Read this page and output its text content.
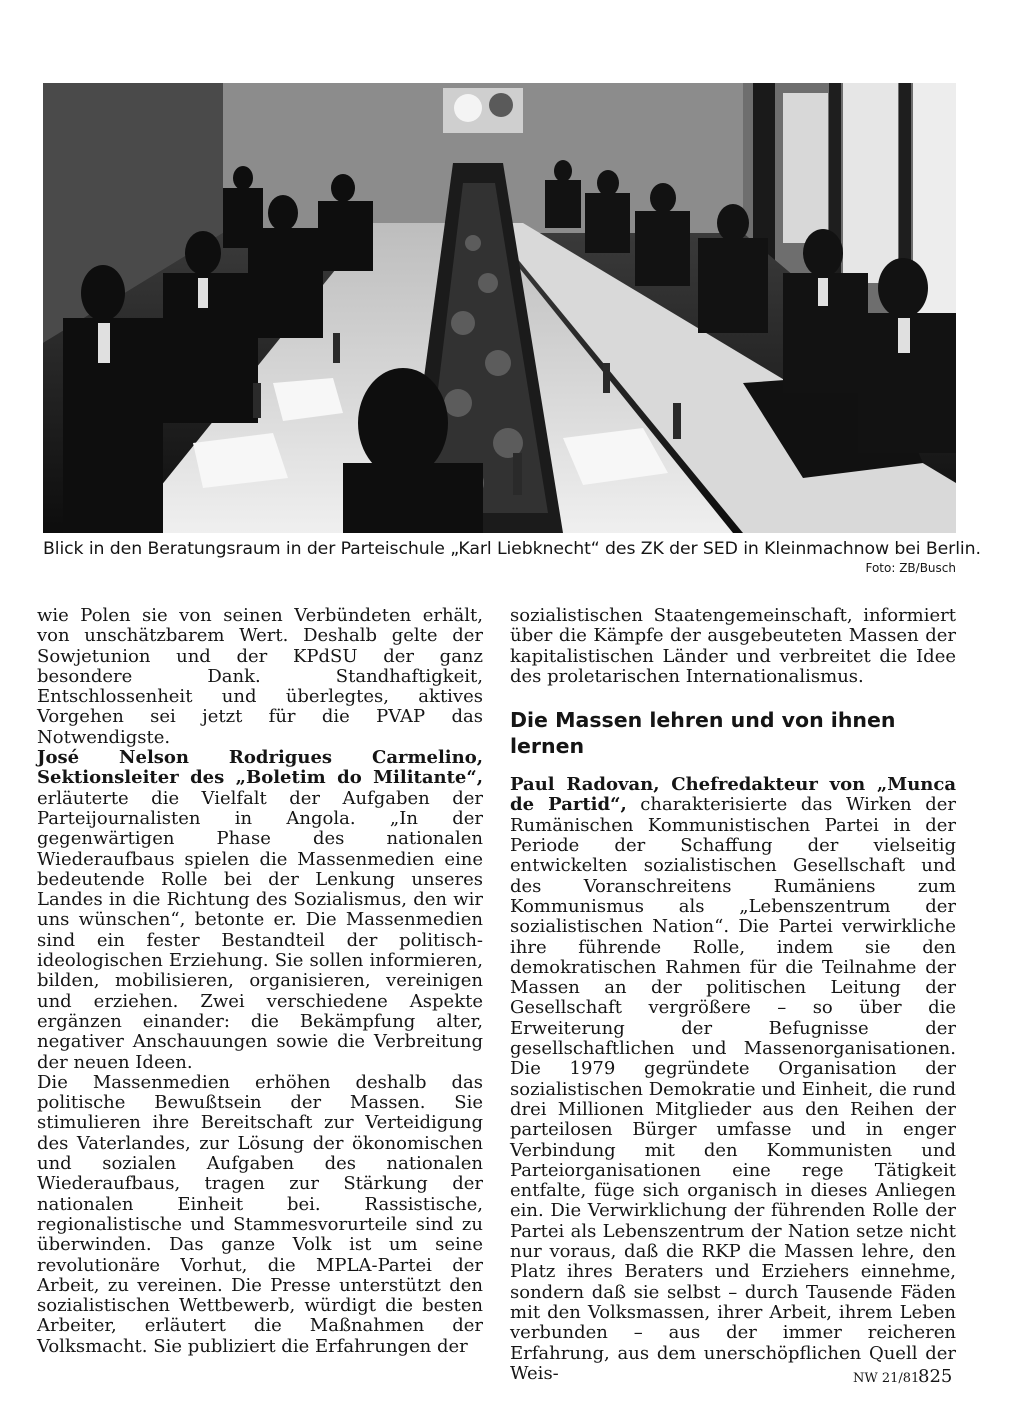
Blick in den Beratungsraum in der Parteischule „Karl Liebknecht“ des ZK der SED in Kleinmachnow bei Berlin.
Foto: ZB/Busch

wie Polen sie von seinen Verbündeten erhält, von unschätzbarem Wert. Deshalb gelte der Sowjetunion und der KPdSU der ganz besondere Dank. Standhaftigkeit, Entschlossenheit und überlegtes, aktives Vorgehen sei jetzt für die PVAP das Notwendigste.

José Nelson Rodrigues Carmelino, Sektionsleiter des „Boletim do Militante“, erläuterte die Vielfalt der Aufgaben der Parteijournalisten in Angola. „In der gegenwärtigen Phase des nationalen Wiederaufbaus spielen die Massenmedien eine bedeutende Rolle bei der Lenkung unseres Landes in die Richtung des Sozialismus, den wir uns wünschen“, betonte er. Die Massenmedien sind ein fester Bestandteil der politisch-ideologischen Erziehung. Sie sollen informieren, bilden, mobilisieren, organisieren, vereinigen und erziehen. Zwei verschiedene Aspekte ergänzen einander: die Bekämpfung alter, negativer Anschauungen sowie die Verbreitung der neuen Ideen.

Die Massenmedien erhöhen deshalb das politische Bewußtsein der Massen. Sie stimulieren ihre Bereitschaft zur Verteidigung des Vaterlandes, zur Lösung der ökonomischen und sozialen Aufgaben des nationalen Wiederaufbaus, tragen zur Stärkung der nationalen Einheit bei. Rassistische, regionalistische und Stammesvorurteile sind zu überwinden. Das ganze Volk ist um seine revolutionäre Vorhut, die MPLA-Partei der Arbeit, zu vereinen. Die Presse unterstützt den sozialistischen Wettbewerb, würdigt die besten Arbeiter, erläutert die Maßnahmen der Volksmacht. Sie publiziert die Erfahrungen der

sozialistischen Staatengemeinschaft, informiert über die Kämpfe der ausgebeuteten Massen der kapitalistischen Länder und verbreitet die Idee des proletarischen Internationalismus.

Die Massen lehren und von ihnen lernen

Paul Radovan, Chefredakteur von „Munca de Partid“, charakterisierte das Wirken der Rumänischen Kommunistischen Partei in der Periode der Schaffung der vielseitig entwickelten sozialistischen Gesellschaft und des Voranschreitens Rumäniens zum Kommunismus als „Lebenszentrum der sozialistischen Nation“. Die Partei verwirkliche ihre führende Rolle, indem sie den demokratischen Rahmen für die Teilnahme der Massen an der politischen Leitung der Gesellschaft vergrößere – so über die Erweiterung der Befugnisse der gesellschaftlichen und Massenorganisationen. Die 1979 gegründete Organisation der sozialistischen Demokratie und Einheit, die rund drei Millionen Mitglieder aus den Reihen der parteilosen Bürger umfasse und in enger Verbindung mit den Kommunisten und Parteiorganisationen eine rege Tätigkeit entfalte, füge sich organisch in dieses Anliegen ein. Die Verwirklichung der führenden Rolle der Partei als Lebenszentrum der Nation setze nicht nur voraus, daß die RKP die Massen lehre, den Platz ihres Beraters und Erziehers einnehme, sondern daß sie selbst – durch Tausende Fäden mit den Volksmassen, ihrer Arbeit, ihrem Leben verbunden – aus der immer reicheren Erfahrung, aus dem unerschöpflichen Quell der Weis-	NW 21/81
825
